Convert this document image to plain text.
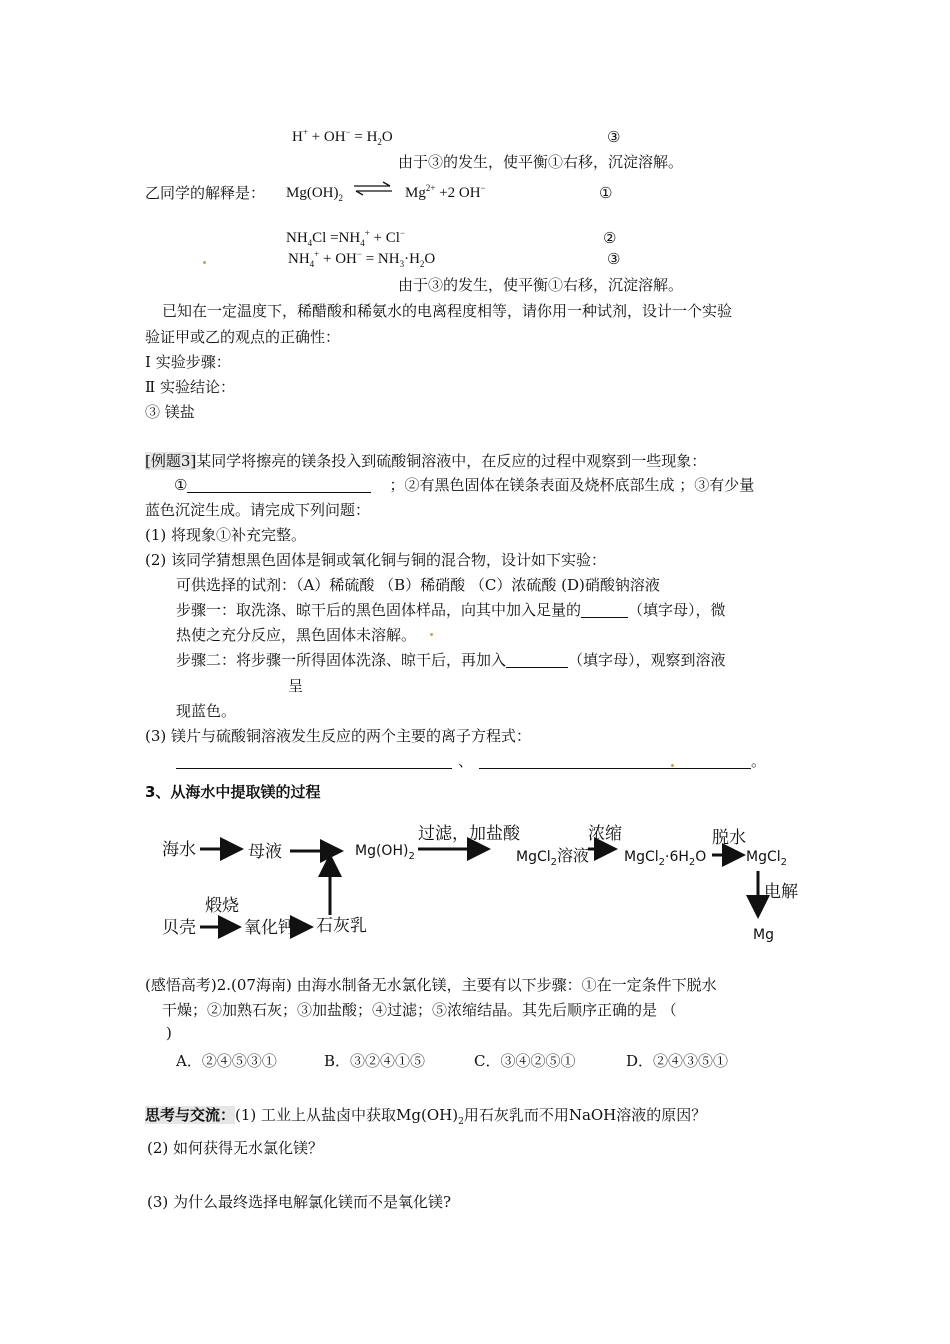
$H^+ + OH^- = H_2O$	③
由于③的发生，使平衡①右移，沉淀溶解。
乙同学的解释是： $Mg(OH)_2$ ⇌ $Mg^{2+} +2$ OH−	①
$NH_4Cl =NH_4^+ + Cl^-$	②
$NH_4^+ + OH^- = NH_3\cdot H_2O$	③
由于③的发生，使平衡①右移，沉淀溶解。
已知在一定温度下，稀醋酸和稀氨水的电离程度相等，请你用一种试剂，设计一个实验
验证甲或乙的观点的正确性：
Ⅰ 实验步骤：
Ⅱ 实验结论：
③ 镁盐
[例题3]某同学将擦亮的镁条投入到硫酸铜溶液中，在反应的过程中观察到一些现象：
①	；②有黑色固体在镁条表面及烧杯底部生成 ；③有少量
蓝色沉淀生成。请完成下列问题：
(1) 将现象①补充完整。
(2) 该同学猜想黑色固体是铜或氧化铜与铜的混合物，设计如下实验：
可供选择的试剂：（A）稀硫酸 （B）稀硝酸 （C）浓硫酸 (D)硝酸钠溶液
步骤一：取洗涤、晾干后的黑色固体样品，向其中加入足量的	（填字母），微
热使之充分反应，黑色固体未溶解。
步骤二：将步骤一所得固体洗涤、晾干后，再加入	（填字母），观察到溶液
呈
现蓝色。
(3) 镁片与硫酸铜溶液发生反应的两个主要的离子方程式：
、	。
3、从海水中提取镁的过程
海水	母液	$Mg(OH)_2$
过滤，加盐酸
MgCl$_2$溶液
浓缩
$MgCl_2\cdot 6H_2O$
脱水
MgCl$_2$
电解
Mg
贝壳
煅烧
氧化钙 石灰乳
(感悟高考)2.(07海南) 由海水制备无水氯化镁，主要有以下步骤：①在一定条件下脱水
干燥；②加熟石灰；③加盐酸；④过滤；⑤浓缩结晶。其先后顺序正确的是 （
)
A．②④⑤③①	B．③②④①⑤	C．③④②⑤①	D．②④③⑤①
思考与交流：(1) 工业上从盐卤中获取$Mg(OH)_2$用石灰乳而不用NaOH溶液的原因？
(2) 如何获得无水氯化镁？
(3) 为什么最终选择电解氯化镁而不是氧化镁?
